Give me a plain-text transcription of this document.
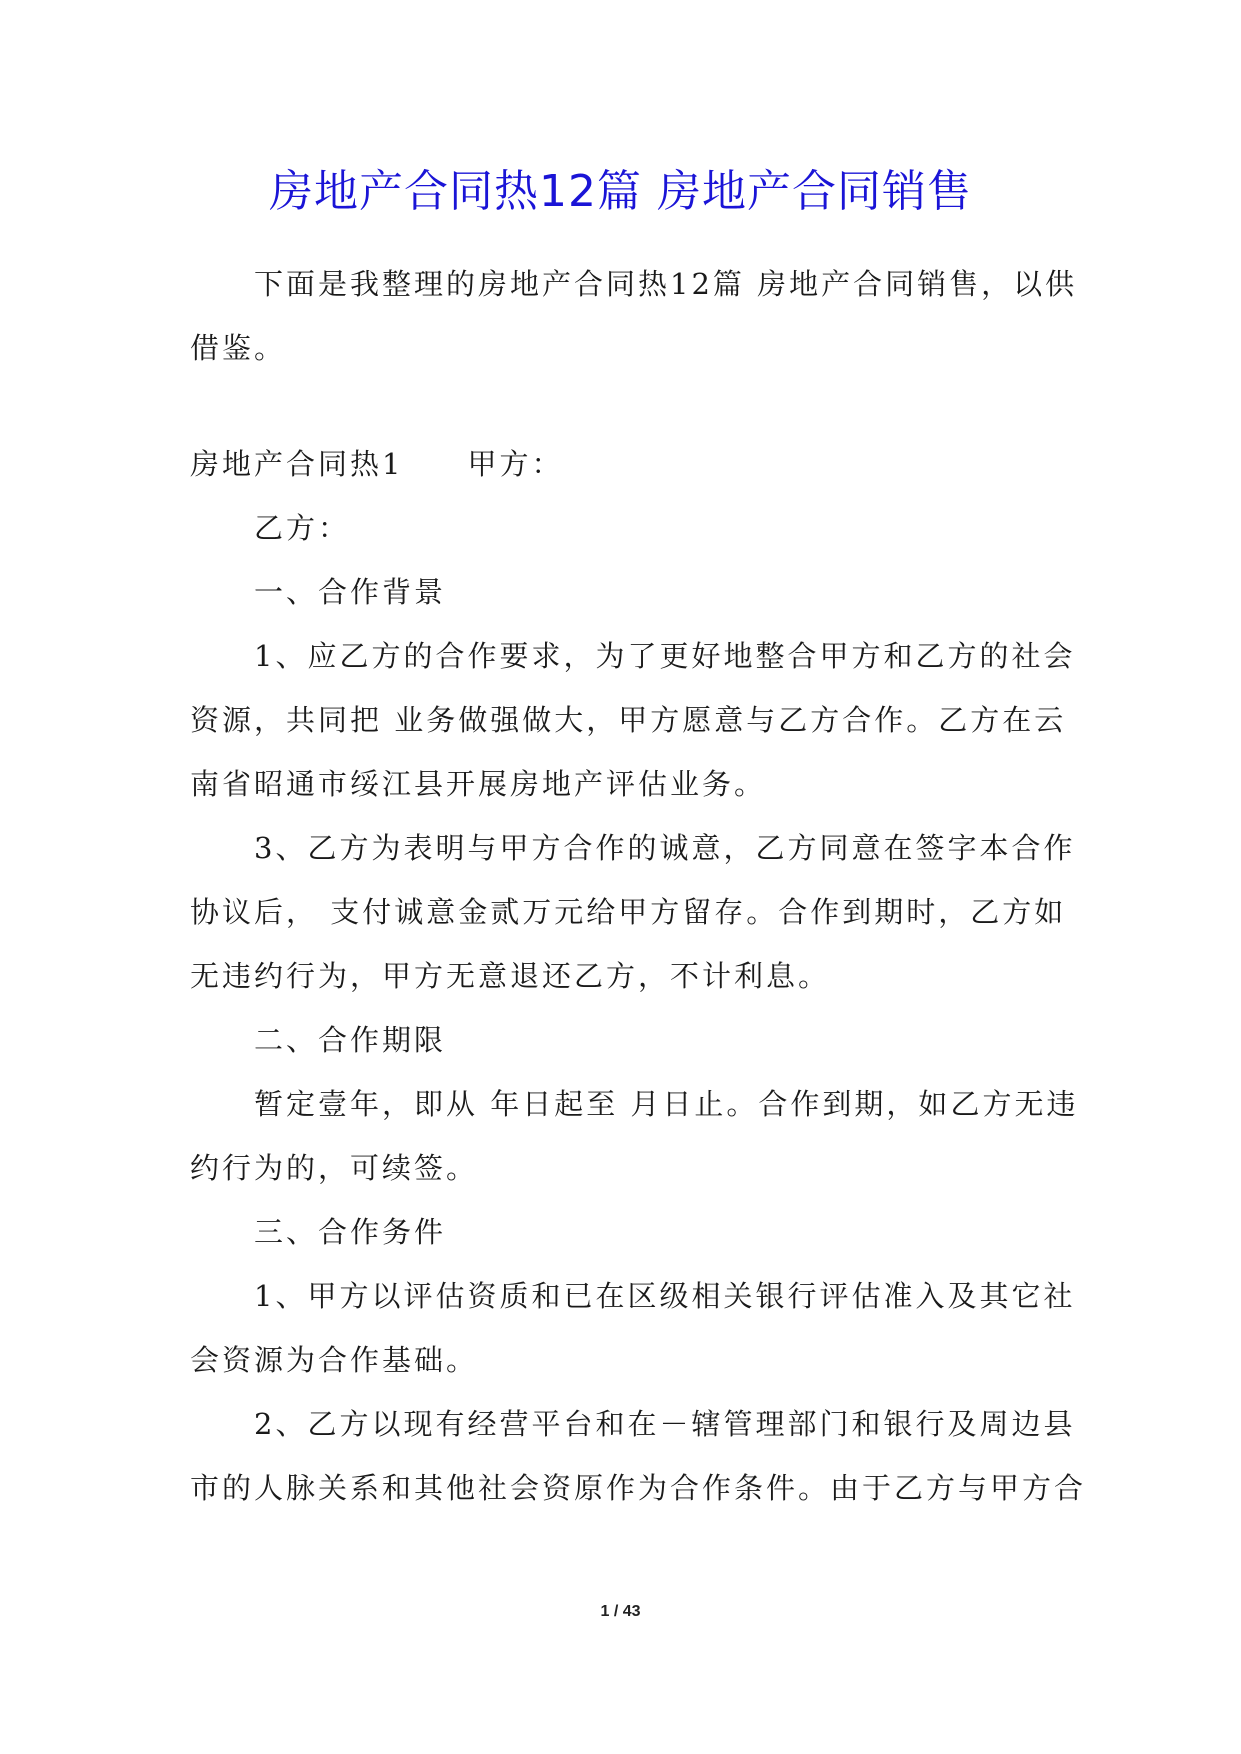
房地产合同热12篇 房地产合同销售
下面是我整理的房地产合同热12篇 房地产合同销售，以供
借鉴。
房地产合同热1 甲方：
乙方：
一、合作背景
1、应乙方的合作要求，为了更好地整合甲方和乙方的社会
资源，共同把 业务做强做大，甲方愿意与乙方合作。乙方在云
南省昭通市绥江县开展房地产评估业务。
3、乙方为表明与甲方合作的诚意，乙方同意在签字本合作
协议后， 支付诚意金贰万元给甲方留存。合作到期时，乙方如
无违约行为，甲方无意退还乙方，不计利息。
二、合作期限
暂定壹年，即从 年日起至 月日止。合作到期，如乙方无违
约行为的，可续签。
三、合作务件
1、甲方以评估资质和已在区级相关银行评估准入及其它社
会资源为合作基础。
2、乙方以现有经营平台和在－辖管理部门和银行及周边县
市的人脉关系和其他社会资原作为合作条件。由于乙方与甲方合
1 / 43
